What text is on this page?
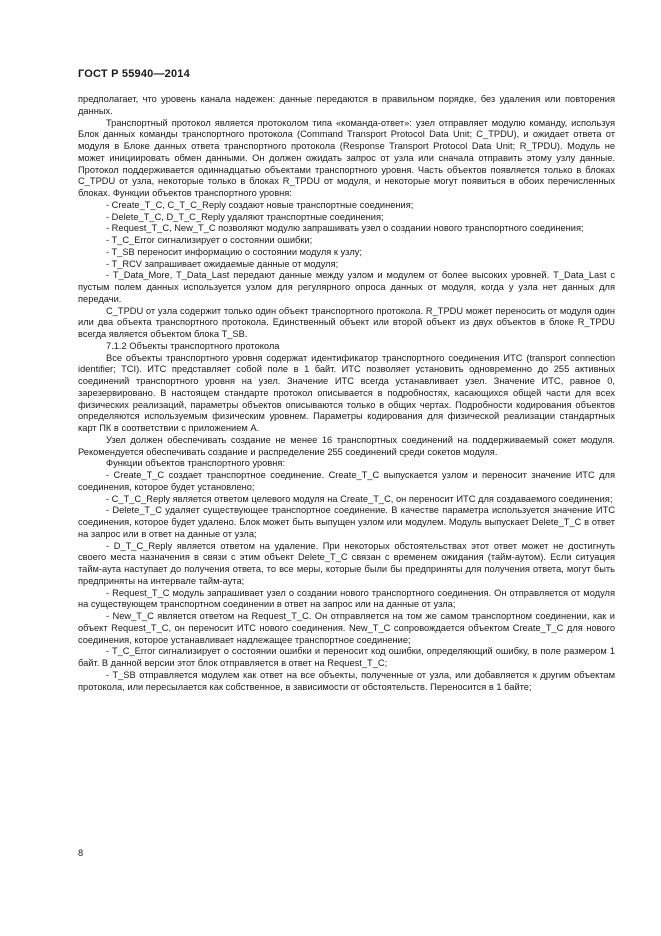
ГОСТ Р 55940—2014

предполагает, что уровень канала надежен: данные передаются в правильном порядке, без удаления или повторения данных.

Транспортный протокол является протоколом типа «команда-ответ»: узел отправляет модулю команду, используя Блок данных команды транспортного протокола (Command Transport Protocol Data Unit; C_TPDU), и ожидает ответа от модуля в Блоке данных ответа транспортного протокола (Response Transport Protocol Data Unit; R_TPDU). Модуль не может инициировать обмен данными. Он должен ожидать запрос от узла или сначала отправить этому узлу данные. Протокол поддерживается одиннадцатью объектами транспортного уровня. Часть объектов появляется только в блоках C_TPDU от узла, некоторые только в блоках R_TPDU от модуля, и некоторые могут появиться в обоих перечисленных блоках. Функции объектов транспортного уровня:

- Create_T_C, C_T_C_Reply создают новые транспортные соединения;

- Delete_T_C, D_T_C_Reply удаляют транспортные соединения;

- Request_T_C, New_T_C позволяют модулю запрашивать узел о создании нового транспортного соединения;

- T_C_Error сигнализирует о состоянии ошибки;

- T_SB переносит информацию о состоянии модуля к узлу;

- T_RCV запрашивает ожидаемые данные от модуля;

- T_Data_More, T_Data_Last передают данные между узлом и модулем от более высоких уровней. T_Data_Last с пустым полем данных используется узлом для регулярного опроса данных от модуля, когда у узла нет данных для передачи.

C_TPDU от узла содержит только один объект транспортного протокола. R_TPDU может переносить от модуля один или два объекта транспортного протокола. Единственный объект или второй объект из двух объектов в блоке R_TPDU всегда является объектом блока T_SB.

7.1.2 Объекты транспортного протокола

Все объекты транспортного уровня содержат идентификатор транспортного соединения ИТС (transport connection identifier; TCI). ИТС представляет собой поле в 1 байт. ИТС позволяет установить одновременно до 255 активных соединений транспортного уровня на узел. Значение ИТС всегда устанавливает узел. Значение ИТС, равное 0, зарезервировано. В настоящем стандарте протокол описывается в подробностях, касающихся общей части для всех физических реализаций, параметры объектов описываются только в общих чертах. Подробности кодирования объектов определяются используемым физическим уровнем. Параметры кодирования для физической реализации стандартных карт ПК в соответствии с приложением А.

Узел должен обеспечивать создание не менее 16 транспортных соединений на поддерживаемый сокет модуля. Рекомендуется обеспечивать создание и распределение 255 соединений среди сокетов модуля.

Функции объектов транспортного уровня:

- Create_T_C создает транспортное соединение. Create_T_C выпускается узлом и переносит значение ИТС для соединения, которое будет установлено;

- C_T_C_Reply является ответом целевого модуля на Create_T_C, он переносит ИТС для создаваемого соединения;

- Delete_T_C удаляет существующее транспортное соединение. В качестве параметра используется значение ИТС соединения, которое будет удалено. Блок может быть выпущен узлом или модулем. Модуль выпускает Delete_T_C в ответ на запрос или в ответ на данные от узла;

- D_T_C_Reply является ответом на удаление. При некоторых обстоятельствах этот ответ может не достигнуть своего места назначения в связи с этим объект Delete_T_C связан с временем ожидания (тайм-аутом). Если ситуация тайм-аута наступает до получения ответа, то все меры, которые были бы предприняты для получения ответа, могут быть предприняты на интервале тайм-аута;

- Request_T_C модуль запрашивает узел о создании нового транспортного соединения. Он отправляется от модуля на существующем транспортном соединении в ответ на запрос или на данные от узла;

- New_T_C является ответом на Request_T_C. Он отправляется на том же самом транспортном соединении, как и объект Request_T_C, он переносит ИТС нового соединения. New_T_C сопровождается объектом Create_T_C для нового соединения, которое устанавливает надлежащее транспортное соединение;

- T_C_Error сигнализирует о состоянии ошибки и переносит код ошибки, определяющий ошибку, в поле размером 1 байт. В данной версии этот блок отправляется в ответ на Request_T_C;

- T_SB отправляется модулем как ответ на все объекты, полученные от узла, или добавляется к другим объектам протокола, или пересылается как собственное, в зависимости от обстоятельств. Переносится в 1 байте;

8
